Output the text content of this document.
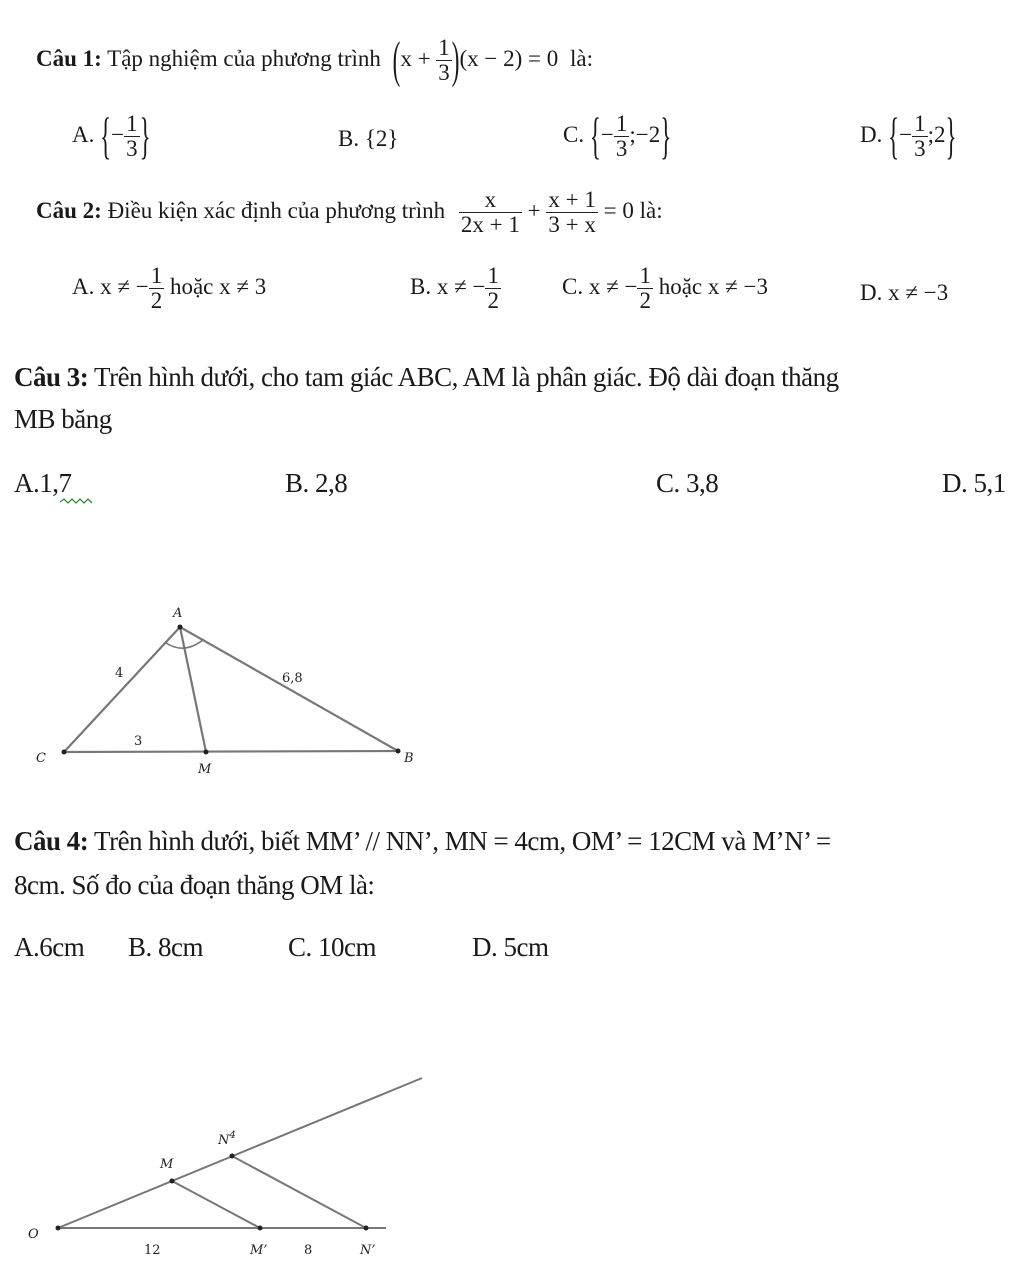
Câu 1: Tập nghiệm của phương trình $(x + \frac{1}{3} )(x - 2) = 0$ là:
A. {− $\frac{1}{3}$ }	B. {2}	C. {− $\frac{1}{3}$ ;−2}	D. {− $\frac{1}{3}$ ;2}
Câu 2: Điều kiện xác định của phương trình $\frac{x}{2x + 1} + \frac{x + 1}{3 + x} = 0$ là:
A. x ≠ − $\frac{1}{2}$ hoặc x ≠ 3	B. x ≠ − $\frac{1}{2}$	C. x ≠ − $\frac{1}{2}$ hoặc x ≠ −3	D. x ≠ −3
Câu 3: Trên hình dưới, cho tam giác ABC, AM là phân giác. Độ dài đoạn thăng
MB băng
A.1,7	B. 2,8	C. 3,8	D. 5,1
A
C
M
B
4	6,8
3
Câu 4: Trên hình dưới, biết MM’ // NN’, MN = 4cm, OM’ = 12CM và M’N’ =
8cm. Số đo của đoạn thăng OM là:
A.6cm B. 8cm	C. 10cm	D. 5cm
O
M
$N^4$
M’	N’
12	8
